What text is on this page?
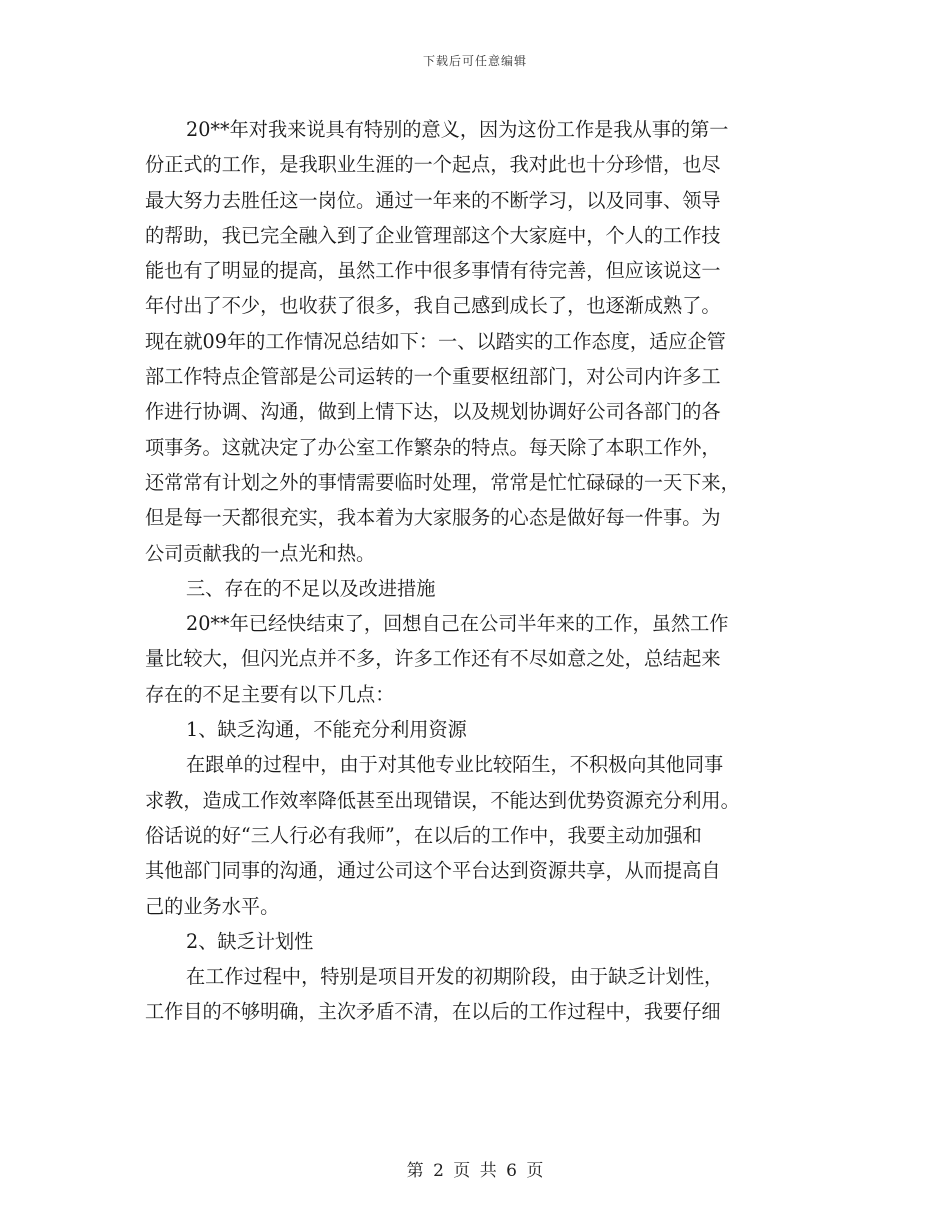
下载后可任意编辑
20**年对我来说具有特别的意义，因为这份工作是我从事的第一
份正式的工作，是我职业生涯的一个起点，我对此也十分珍惜，也尽
最大努力去胜任这一岗位。通过一年来的不断学习，以及同事、领导
的帮助，我已完全融入到了企业管理部这个大家庭中，个人的工作技
能也有了明显的提高，虽然工作中很多事情有待完善，但应该说这一
年付出了不少，也收获了很多，我自己感到成长了，也逐渐成熟了。
现在就09年的工作情况总结如下：一、以踏实的工作态度，适应企管
部工作特点企管部是公司运转的一个重要枢纽部门，对公司内许多工
作进行协调、沟通，做到上情下达，以及规划协调好公司各部门的各
项事务。这就决定了办公室工作繁杂的特点。每天除了本职工作外，
还常常有计划之外的事情需要临时处理，常常是忙忙碌碌的一天下来，
但是每一天都很充实，我本着为大家服务的心态是做好每一件事。为
公司贡献我的一点光和热。
三、存在的不足以及改进措施
20**年已经快结束了，回想自己在公司半年来的工作，虽然工作
量比较大，但闪光点并不多，许多工作还有不尽如意之处，总结起来
存在的不足主要有以下几点：
1、缺乏沟通，不能充分利用资源
在跟单的过程中，由于对其他专业比较陌生，不积极向其他同事
求教，造成工作效率降低甚至出现错误，不能达到优势资源充分利用。
俗话说的好“三人行必有我师”，在以后的工作中，我要主动加强和
其他部门同事的沟通，通过公司这个平台达到资源共享，从而提高自
己的业务水平。
2、缺乏计划性
在工作过程中，特别是项目开发的初期阶段，由于缺乏计划性，
工作目的不够明确，主次矛盾不清，在以后的工作过程中，我要仔细
第 2 页 共 6 页
